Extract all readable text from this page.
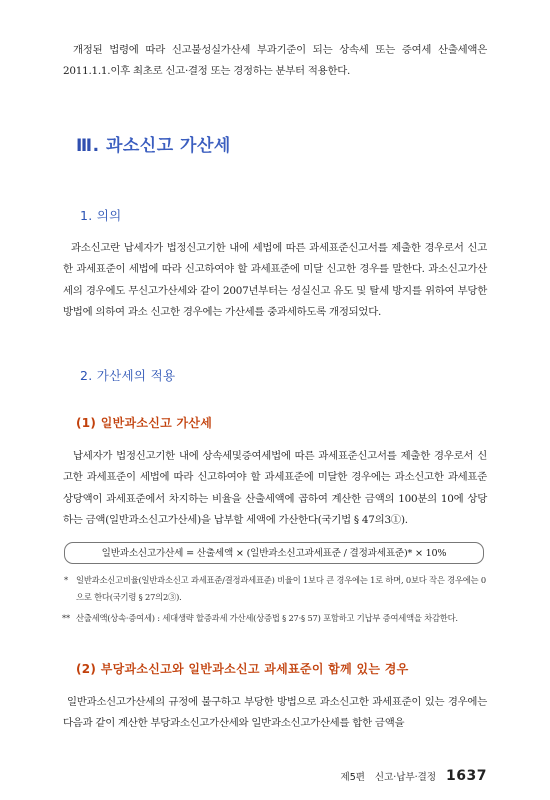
개정된 법령에 따라 신고불성실가산세 부과기준이 되는 상속세 또는 증여세 산출세액은 2011.1.1.이후 최초로 신고·결정 또는 경정하는 분부터 적용한다.
Ⅲ. 과소신고 가산세
1. 의의
과소신고란 납세자가 법정신고기한 내에 세법에 따른 과세표준신고서를 제출한 경우로서 신고한 과세표준이 세법에 따라 신고하여야 할 과세표준에 미달 신고한 경우를 말한다. 과소신고가산세의 경우에도 무신고가산세와 같이 2007년부터는 성실신고 유도 및 탈세 방지를 위하여 부당한 방법에 의하여 과소 신고한 경우에는 가산세를 중과세하도록 개정되었다.
2. 가산세의 적용
(1) 일반과소신고 가산세
납세자가 법정신고기한 내에 상속세및증여세법에 따른 과세표준신고서를 제출한 경우로서 신고한 과세표준이 세법에 따라 신고하여야 할 과세표준에 미달한 경우에는 과소신고한 과세표준 상당액이 과세표준에서 차지하는 비율을 산출세액에 곱하여 계산한 금액의 100분의 10에 상당하는 금액(일반과소신고가산세)을 납부할 세액에 가산한다(국기법 § 47의3①).
일반과소신고가산세 = 산출세액 × (일반과소신고과세표준 / 결정과세표준)* × 10%
* 일반과소신고비율(일반과소신고 과세표준/결정과세표준) 비율이 1보다 큰 경우에는 1로 하며, 0보다 작은 경우에는 0으로 한다(국기령 § 27의2③).
** 산출세액(상속·증여세) : 세대생략 할증과세 가산세(상증법 § 27·§ 57) 포함하고 기납부 증여세액을 차감한다.
(2) 부당과소신고와 일반과소신고 과세표준이 함께 있는 경우
일반과소신고가산세의 규정에 불구하고 부당한 방법으로 과소신고한 과세표준이 있는 경우에는 다음과 같이 계산한 부당과소신고가산세와 일반과소신고가산세를 합한 금액을
제5편 신고·납부·결정 1637
